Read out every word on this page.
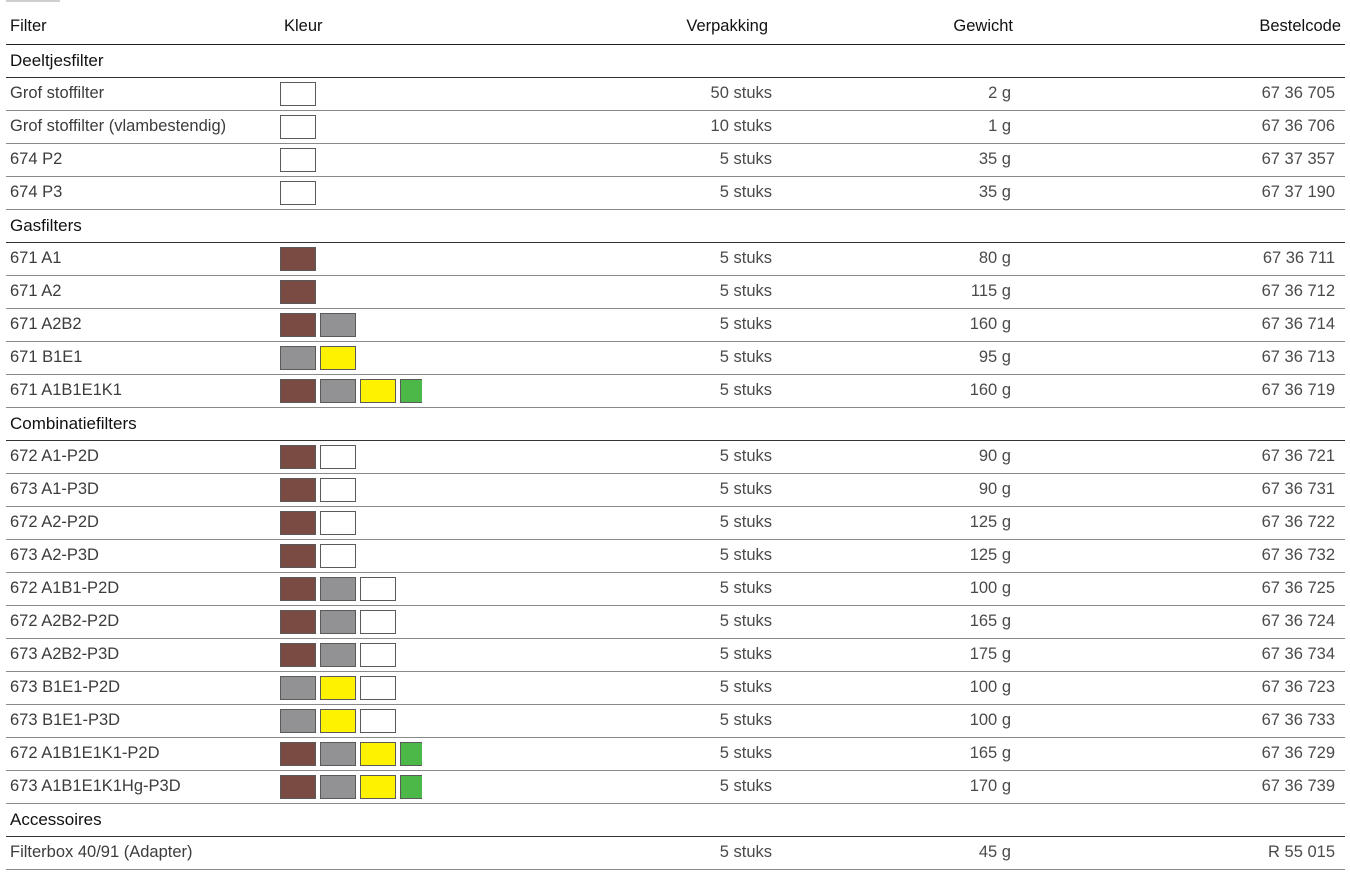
Filter	Kleur	Verpakking	Gewicht	Bestelcode
Deeltjesfilter				
Grof stoffilter		50 stuks	2 g	67 36 705
Grof stoffilter (vlambestendig)		10 stuks	1 g	67 36 706
674 P2		5 stuks	35 g	67 37 357
674 P3		5 stuks	35 g	67 37 190
Gasfilters				
671 A1		5 stuks	80 g	67 36 711
671 A2		5 stuks	115 g	67 36 712
671 A2B2		5 stuks	160 g	67 36 714
671 B1E1		5 stuks	95 g	67 36 713
671 A1B1E1K1		5 stuks	160 g	67 36 719
Combinatiefilters				
672 A1-P2D		5 stuks	90 g	67 36 721
673 A1-P3D		5 stuks	90 g	67 36 731
672 A2-P2D		5 stuks	125 g	67 36 722
673 A2-P3D		5 stuks	125 g	67 36 732
672 A1B1-P2D		5 stuks	100 g	67 36 725
672 A2B2-P2D		5 stuks	165 g	67 36 724
673 A2B2-P3D		5 stuks	175 g	67 36 734
673 B1E1-P2D		5 stuks	100 g	67 36 723
673 B1E1-P3D		5 stuks	100 g	67 36 733
672 A1B1E1K1-P2D		5 stuks	165 g	67 36 729
673 A1B1E1K1Hg-P3D		5 stuks	170 g	67 36 739
Accessoires				
Filterbox 40/91 (Adapter)		5 stuks	45 g	R 55 015
